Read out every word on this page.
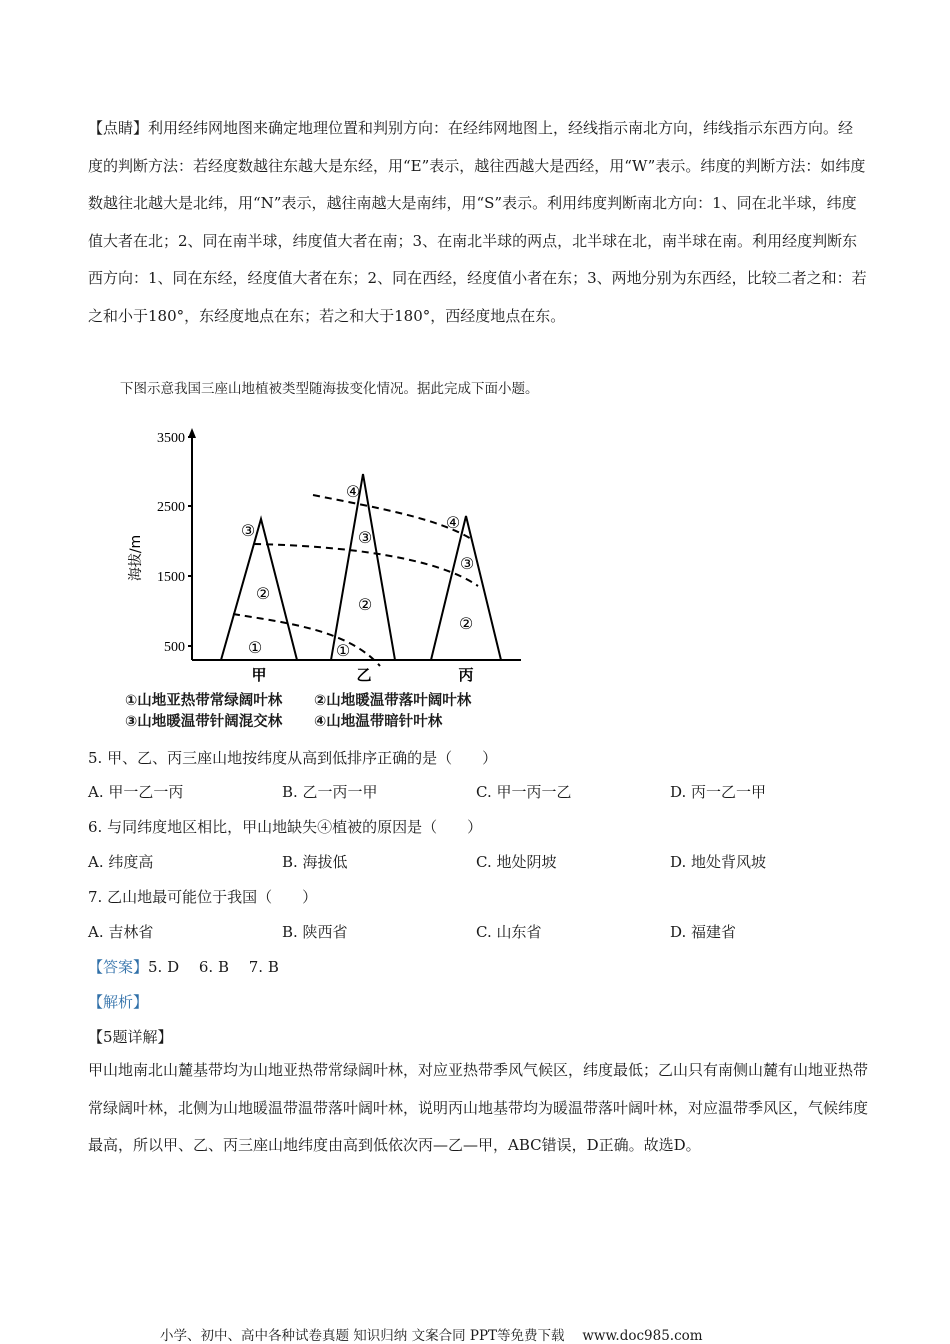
【点睛】利用经纬网地图来确定地理位置和判别方向：在经纬网地图上，经线指示南北方向，纬线指示东西方向。经度的判断方法：若经度数越往东越大是东经，用“E”表示，越往西越大是西经，用“W”表示。纬度的判断方法：如纬度数越往北越大是北纬，用“N”表示，越往南越大是南纬，用“S”表示。利用纬度判断南北方向：1、同在北半球，纬度值大者在北；2、同在南半球，纬度值大者在南；3、在南北半球的两点，北半球在北，南半球在南。利用经度判断东西方向：1、同在东经，经度值大者在东；2、同在西经，经度值小者在东；3、两地分别为东西经，比较二者之和：若之和小于180°，东经度地点在东；若之和大于180°，西经度地点在东。

下图示意我国三座山地植被类型随海拔变化情况。据此完成下面小题。
3500
2500
1500
500
海拔/m
①
②
③
①
②
③
④
②
③
④
甲	乙	丙
①山地亚热带常绿阔叶林 ②山地暖温带落叶阔叶林
③山地暖温带针阔混交林 ④山地温带暗针叶林
5. 甲、乙、丙三座山地按纬度从高到低排序正确的是（　　）
A. 甲一乙一丙	B. 乙一丙一甲	C. 甲一丙一乙	D. 丙一乙一甲
6. 与同纬度地区相比，甲山地缺失④植被的原因是（　　）
A. 纬度高	B. 海拔低	C. 地处阴坡	D. 地处背风坡
7. 乙山地最可能位于我国（　　）
A. 吉林省	B. 陕西省	C. 山东省	D. 福建省
【答案】5. D　 6. B　 7. B
【解析】
【5题详解】

甲山地南北山麓基带均为山地亚热带常绿阔叶林，对应亚热带季风气候区，纬度最低；乙山只有南侧山麓有山地亚热带常绿阔叶林，北侧为山地暖温带温带落叶阔叶林，说明丙山地基带均为暖温带落叶阔叶林，对应温带季风区，气候纬度最高，所以甲、乙、丙三座山地纬度由高到低依次丙—乙—甲，ABC错误，D正确。故选D。

小学、初中、高中各种试卷真题 知识归纳 文案合同 PPT等免费下载　 www.doc985.com
